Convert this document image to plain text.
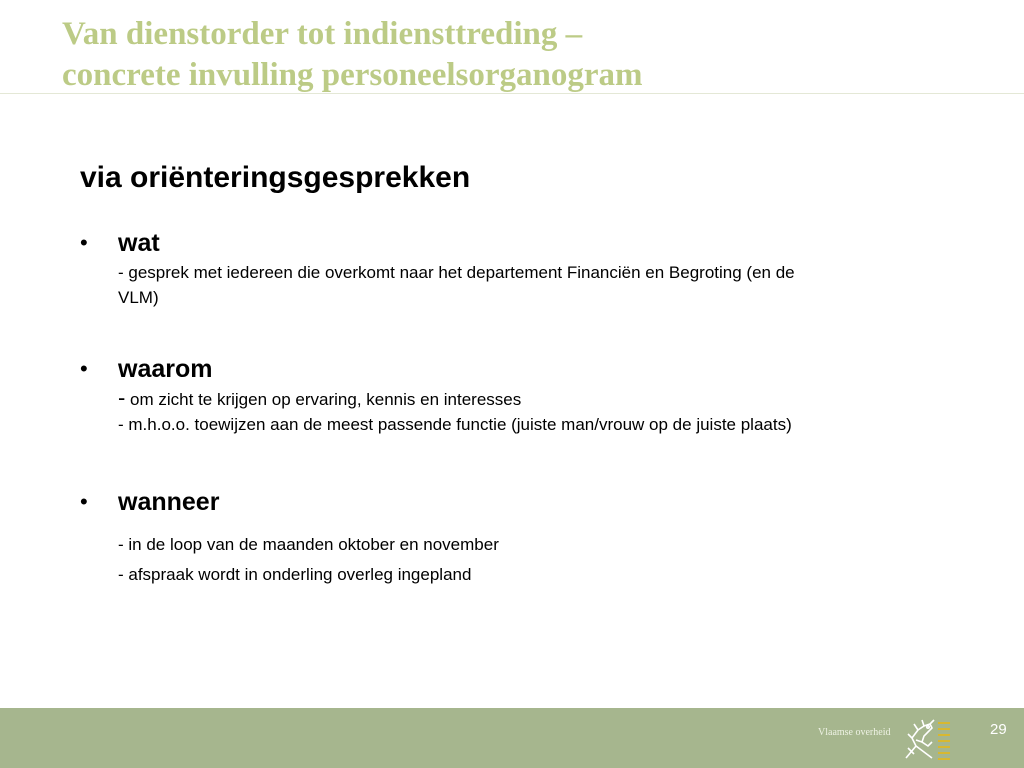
Van dienstorder tot indiensttreding –
concrete invulling personeelsorganogram
via oriënteringsgesprekken
• wat
- gesprek met iedereen die overkomt naar het departement Financiën en Begroting (en de
VLM)
• waarom
- om zicht te krijgen op ervaring, kennis en interesses
- m.h.o.o. toewijzen aan de meest passende functie (juiste man/vrouw op de juiste plaats)
• wanneer
- in de loop van de maanden oktober en november
- afspraak wordt in onderling overleg ingepland
Vlaamse overheid	29
